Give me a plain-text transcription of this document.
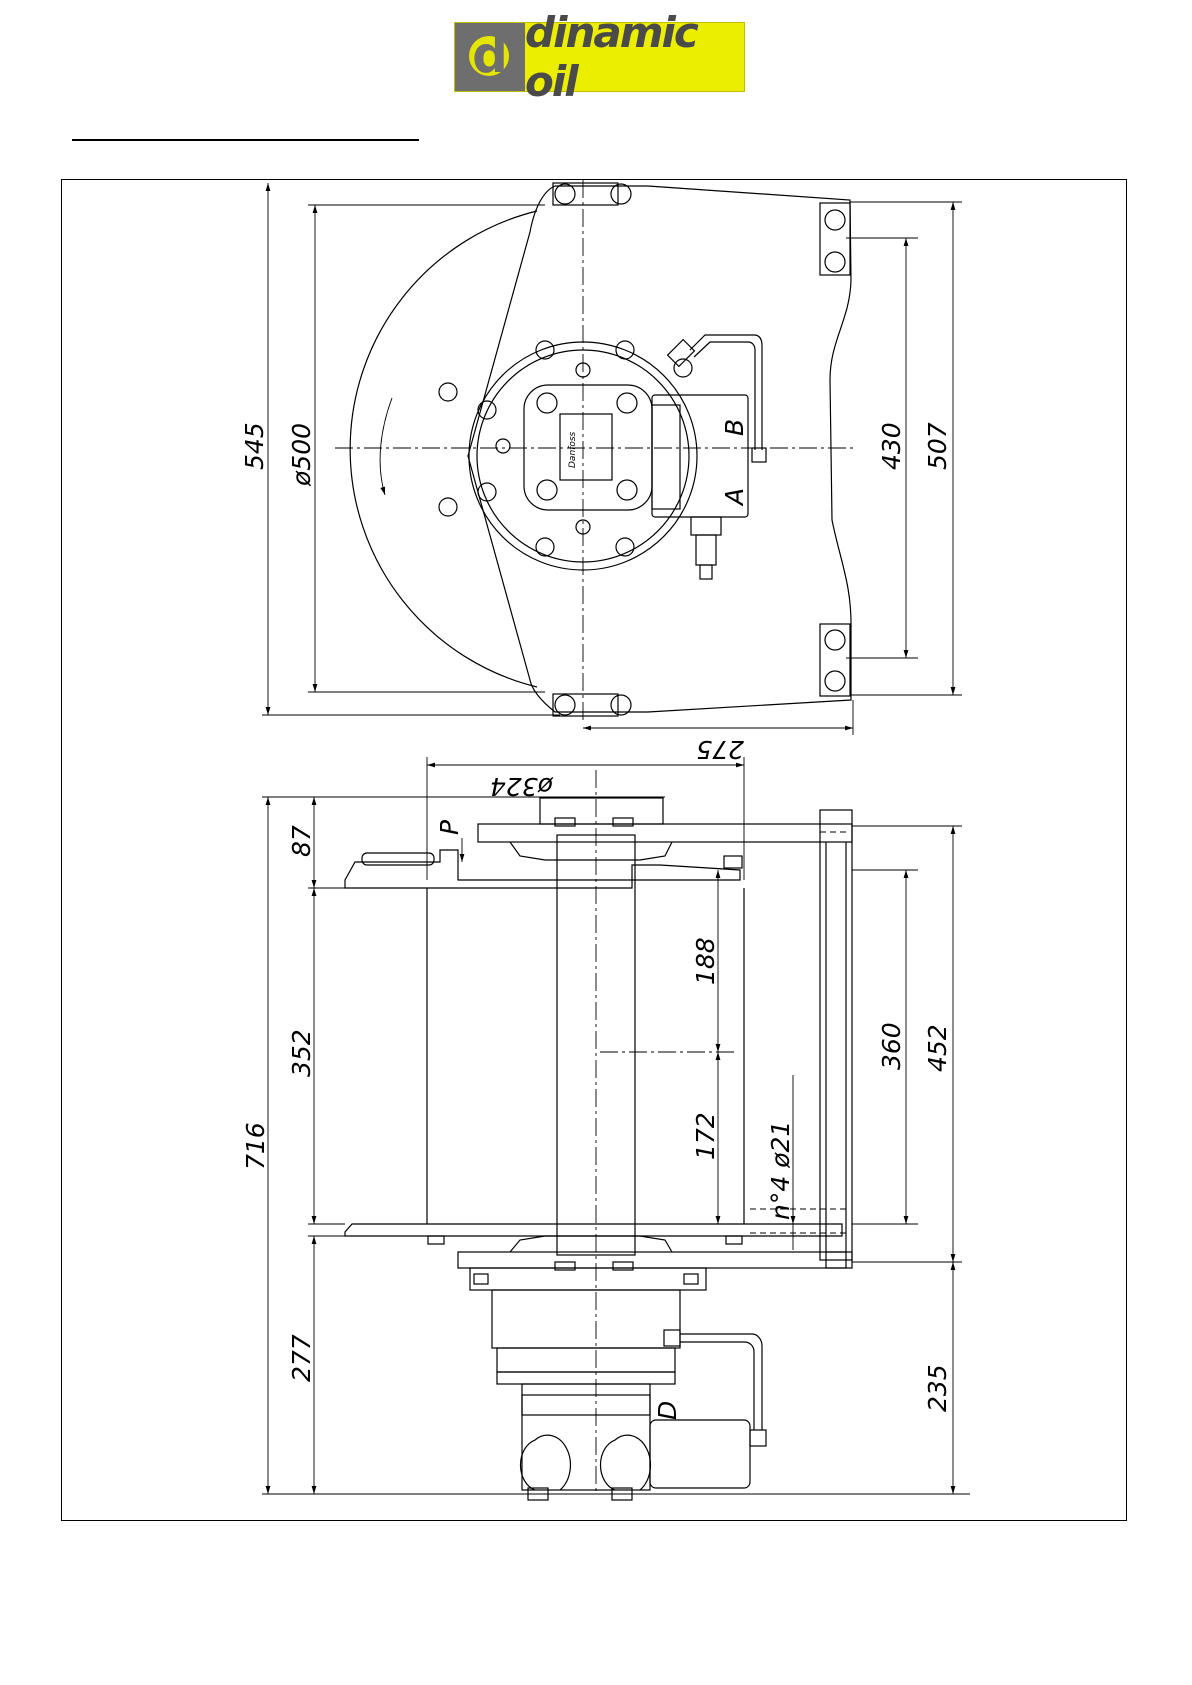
d dinamic oil
545 ø500	430 507
275
A
B
Danfoss
ø324
87
352
716
277
188
172 n°4 ø21
360 452
235
P
D
